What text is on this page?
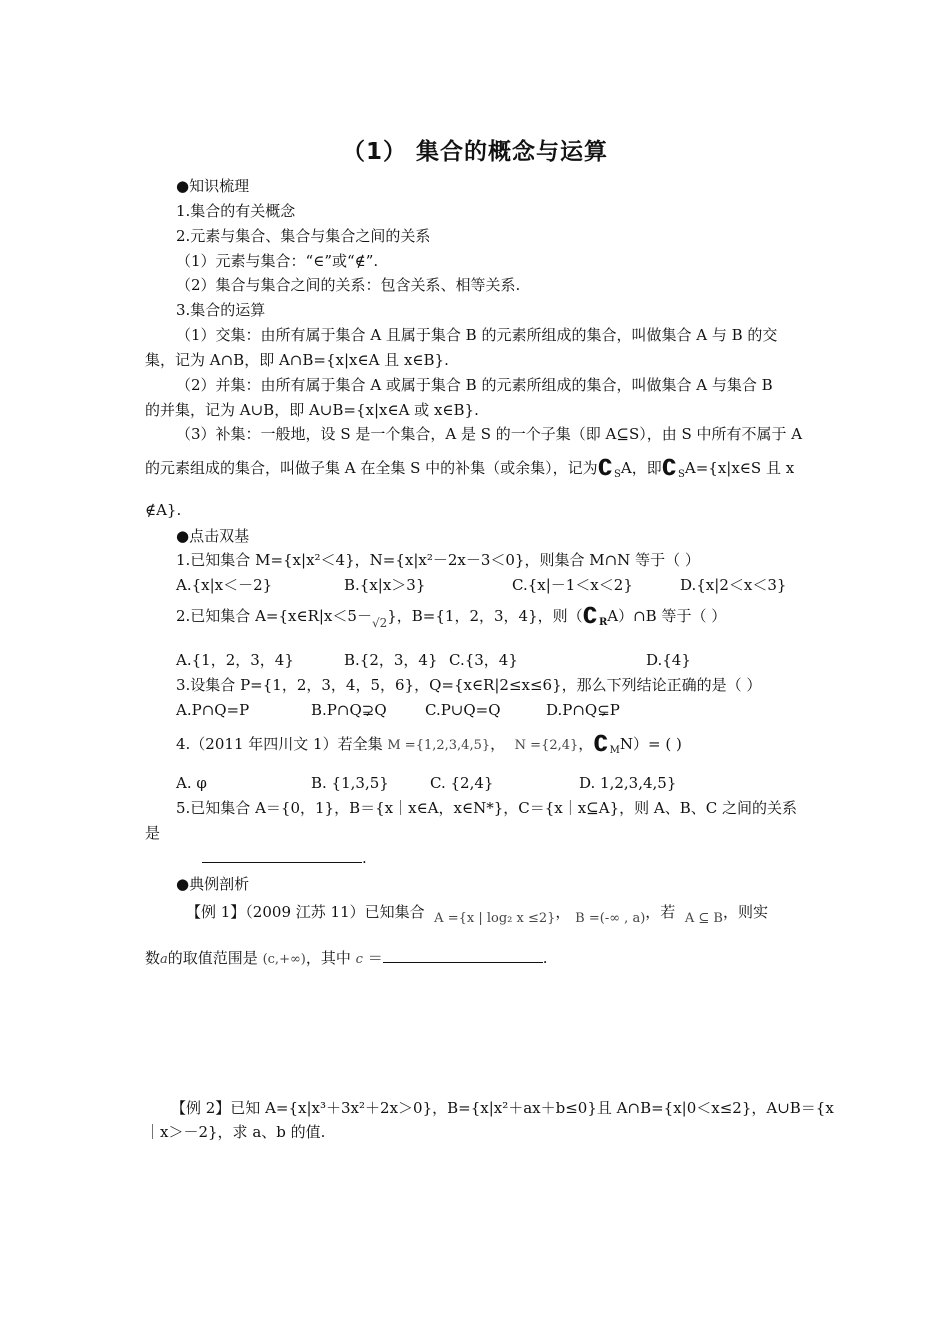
（1） 集合的概念与运算
●知识梳理
1.集合的有关概念
2.元素与集合、集合与集合之间的关系
（1）元素与集合：“∈”或“∉”.
（2）集合与集合之间的关系：包含关系、相等关系.
3.集合的运算
（1）交集：由所有属于集合 A 且属于集合 B 的元素所组成的集合，叫做集合 A 与 B 的交
集，记为 A∩B，即 A∩B={x|x∈A 且 x∈B}.
（2）并集：由所有属于集合 A 或属于集合 B 的元素所组成的集合，叫做集合 A 与集合 B
的并集，记为 A∪B，即 A∪B={x|x∈A 或 x∈B}.
（3）补集：一般地，设 S 是一个集合，A 是 S 的一个子集（即 A⊆S），由 S 中所有不属于 A
的元素组成的集合，叫做子集 A 在全集 S 中的补集（或余集），记为$∁_SA$，即$∁_SA=\{x|x\in S$ 且 x
∉A}.
●点击双基
1.已知集合 M={x|x²＜4}，N={x|x²－2x－3＜0}，则集合 M∩N 等于（ ）
A.{x|x＜－2}	B.{x|x＞3}	C.{x|－1＜x＜2}	D.{x|2＜x＜3}
2.已知集合 $A=\{x\in R|x<5-_{√2}\}$，B={1，2，3，4}，则$(∁_RA)\cap B$ 等于（ ）
A.{1，2，3，4}	B.{2，3，4} C.{3，4}	D.{4}
3.设集合 P={1，2，3，4，5，6}，Q={x∈R|2≤x≤6}，那么下列结论正确的是（ ）
A.P∩Q=P	B.P∩Q⊋Q	C.P∪Q=Q	D.P∩Q⊊P
4.（2011 年四川文 1）若全集 M ={1,2,3,4,5}，  N ={2,4}，$∁_MN)=$ ( )
A. φ	B. {1,3,5}	C. {2,4}	D. 1,2,3,4,5}
5.已知集合 A＝{0，1}，B＝{x｜x∈A，x∈N*}，C＝{x｜x⊆A}，则 A、B、C 之间的关系
是
.
●典例剖析
【例 1】（2009 江苏 11）已知集合 A ={x | log₂ x ≤2}， B =(-∞ , a)，若 A ⊆ B，则实
数a的取值范围是 (c,+∞)，其中 c ＝	.
【例 2】已知 A={x|x³＋3x²＋2x＞0}，B={x|x²＋ax＋b≤0}且 A∩B={x|0＜x≤2}，A∪B＝{x
｜x＞－2}，求 a、b 的值.
